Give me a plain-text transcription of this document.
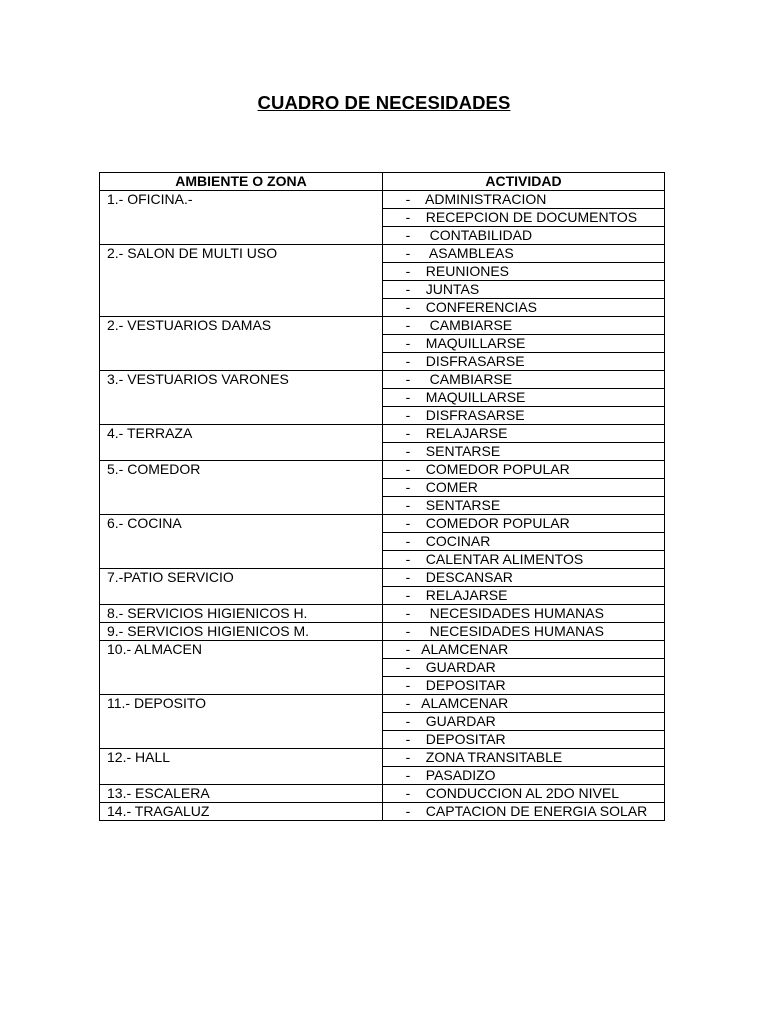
CUADRO DE NECESIDADES
AMBIENTE O ZONA	ACTIVIDAD
1.- OFICINA.-	-    ADMINISTRACION
	-    RECEPCION DE DOCUMENTOS
	-     CONTABILIDAD
2.- SALON DE MULTI USO	-     ASAMBLEAS
	-    REUNIONES
	-    JUNTAS
	-    CONFERENCIAS
2.- VESTUARIOS DAMAS	-     CAMBIARSE
	-    MAQUILLARSE
	-    DISFRASARSE
3.- VESTUARIOS VARONES	-     CAMBIARSE
	-    MAQUILLARSE
	-    DISFRASARSE
4.- TERRAZA	-    RELAJARSE
	-    SENTARSE
5.- COMEDOR	-    COMEDOR POPULAR
	-    COMER
	-    SENTARSE
6.- COCINA	-    COMEDOR POPULAR
	-    COCINAR
	-    CALENTAR ALIMENTOS
7.-PATIO SERVICIO	-    DESCANSAR
	-    RELAJARSE
8.- SERVICIOS HIGIENICOS H.	-     NECESIDADES HUMANAS
9.- SERVICIOS HIGIENICOS M.	-     NECESIDADES HUMANAS
10.- ALMACEN	-   ALAMCENAR
	-    GUARDAR
	-    DEPOSITAR
11.- DEPOSITO	-   ALAMCENAR
	-    GUARDAR
	-    DEPOSITAR
12.- HALL	-    ZONA TRANSITABLE
	-    PASADIZO
13.- ESCALERA	-    CONDUCCION AL 2DO NIVEL
14.- TRAGALUZ	-    CAPTACION DE ENERGIA SOLAR
